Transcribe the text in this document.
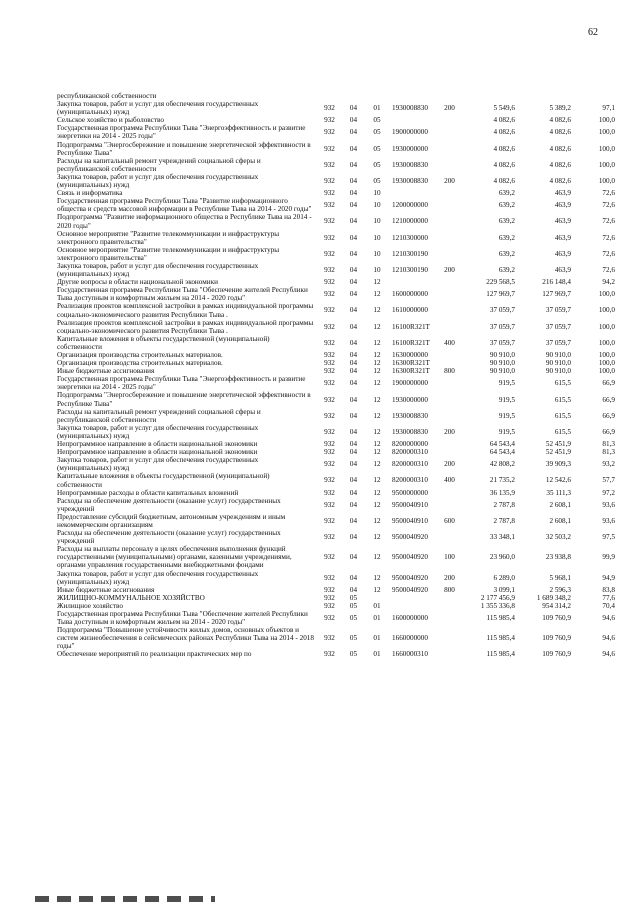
62
республиканской собственности								
Закупка товаров, работ и услуг для обеспечения государственных (муниципальных) нужд	932	04	01	1930008830	200	5 549,6	5 389,2	97,1
Сельское хозяйство и рыболовство	932	04	05			4 082,6	4 082,6	100,0
Государственная программа Республики Тыва "Энергоэффективность и развитие энергетики на 2014 - 2025 годы"	932	04	05	1900000000		4 082,6	4 082,6	100,0
Подпрограмма "Энергосбережение и повышение энергетической эффективности в Республике Тыва"	932	04	05	1930000000		4 082,6	4 082,6	100,0
Расходы на капитальный ремонт учреждений социальной сферы и республиканской собственности	932	04	05	1930008830		4 082,6	4 082,6	100,0
Закупка товаров, работ и услуг для обеспечения государственных (муниципальных) нужд	932	04	05	1930008830	200	4 082,6	4 082,6	100,0
Связь и информатика	932	04	10			639,2	463,9	72,6
Государственная программа Республики Тыва "Развитие информационного общества и средств массовой информации в Республике Тыва на 2014 - 2020 годы"	932	04	10	1200000000		639,2	463,9	72,6
Подпрограмма "Развитие информационного общества в Республике Тыва на 2014 - 2020 годы"	932	04	10	1210000000		639,2	463,9	72,6
Основное мероприятие "Развитие телекоммуникации и инфраструктуры электронного правительства"	932	04	10	1210300000		639,2	463,9	72,6
Основное мероприятие "Развитие телекоммуникации и инфраструктуры электронного правительства"	932	04	10	1210300190		639,2	463,9	72,6
Закупка товаров, работ и услуг для обеспечения государственных (муниципальных) нужд	932	04	10	1210300190	200	639,2	463,9	72,6
Другие вопросы в области национальной экономики	932	04	12			229 568,5	216 148,4	94,2
Государственная программа Республики Тыва "Обеспечение жителей Республики Тыва доступным и комфортным жильем на 2014 - 2020 годы"	932	04	12	1600000000		127 969,7	127 969,7	100,0
Реализация проектов комплексной застройки в рамках индивидуальной программы социально-экономического развития Республики Тыва .	932	04	12	1610000000		37 059,7	37 059,7	100,0
Реализация проектов комплексной застройки в рамках индивидуальной программы социально-экономического развития Республики Тыва .	932	04	12	16100R321T		37 059,7	37 059,7	100,0
Капитальные вложения в объекты государственной (муниципальной) собственности	932	04	12	16100R321T	400	37 059,7	37 059,7	100,0
Организация производства строительных материалов.	932	04	12	1630000000		90 910,0	90 910,0	100,0
Организация производства строительных материалов.	932	04	12	16300R321T		90 910,0	90 910,0	100,0
Иные бюджетные ассигнования	932	04	12	16300R321T	800	90 910,0	90 910,0	100,0
Государственная программа Республики Тыва "Энергоэффективность и развитие энергетики на 2014 - 2025 годы"	932	04	12	1900000000		919,5	615,5	66,9
Подпрограмма "Энергосбережение и повышение энергетической эффективности в Республике Тыва"	932	04	12	1930000000		919,5	615,5	66,9
Расходы на капитальный ремонт учреждений социальной сферы и республиканской собственности	932	04	12	1930008830		919,5	615,5	66,9
Закупка товаров, работ и услуг для обеспечения государственных (муниципальных) нужд	932	04	12	1930008830	200	919,5	615,5	66,9
Непрограммное направление в области национальной экономики	932	04	12	8200000000		64 543,4	52 451,9	81,3
Непрограммное направление в области национальной экономики	932	04	12	8200000310		64 543,4	52 451,9	81,3
Закупка товаров, работ и услуг для обеспечения государственных (муниципальных) нужд	932	04	12	8200000310	200	42 808,2	39 909,3	93,2
Капитальные вложения в объекты государственной (муниципальной) собственности	932	04	12	8200000310	400	21 735,2	12 542,6	57,7
Непрограммные расходы в области капитальных вложений	932	04	12	9500000000		36 135,9	35 111,3	97,2
Расходы на обеспечение деятельности (оказание услуг) государственных учреждений	932	04	12	9500040910		2 787,8	2 608,1	93,6
Предоставление субсидий бюджетным, автономным учреждениям и иным некоммерческим организациям	932	04	12	9500040910	600	2 787,8	2 608,1	93,6
Расходы на обеспечение деятельности (оказание услуг) государственных учреждений	932	04	12	9500040920		33 348,1	32 503,2	97,5
Расходы на выплаты персоналу в целях обеспечения выполнения функций государственными (муниципальными) органами, казенными учреждениями, органами управления государственными внебюджетными фондами	932	04	12	9500040920	100	23 960,0	23 938,8	99,9
Закупка товаров, работ и услуг для обеспечения государственных (муниципальных) нужд	932	04	12	9500040920	200	6 289,0	5 968,1	94,9
Иные бюджетные ассигнования	932	04	12	9500040920	800	3 099,1	2 596,3	83,8
ЖИЛИЩНО-КОММУНАЛЬНОЕ ХОЗЯЙСТВО	932	05				2 177 456,9	1 689 348,2	77,6
Жилищное хозяйство	932	05	01			1 355 336,8	954 314,2	70,4
Государственная программа Республики Тыва "Обеспечение жителей Республики Тыва доступным и комфортным жильем на 2014 - 2020 годы"	932	05	01	1600000000		115 985,4	109 760,9	94,6
Подпрограмма "Повышение устойчивости жилых домов, основных объектов и систем жизнеобеспечения в сейсмических районах Республики Тыва на 2014 - 2018 годы"	932	05	01	1660000000		115 985,4	109 760,9	94,6
Обеспечение мероприятий по реализации практических мер по	932	05	01	1660000310		115 985,4	109 760,9	94,6
